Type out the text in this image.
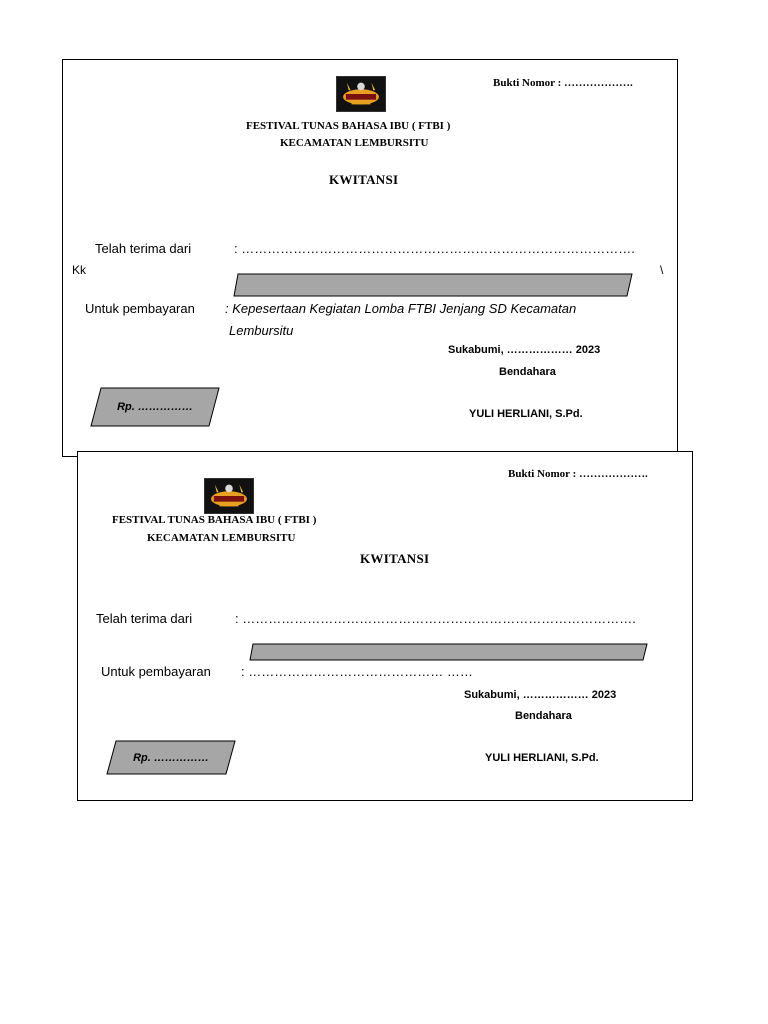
Bukti Nomor : ……………….
FESTIVAL TUNAS BAHASA IBU ( FTBI )
KECAMATAN LEMBURSITU
KWITANSI
Telah terima dari	: ……………………………………………………………………………….
Kk	\
Untuk pembayaran : Kepesertaan Kegiatan Lomba FTBI Jenjang SD Kecamatan
Lembursitu
Sukabumi, ……………… 2023
Bendahara
Rp. ……………
YULI HERLIANI, S.Pd.
Bukti Nomor : ……………….
FESTIVAL TUNAS BAHASA IBU ( FTBI )
KECAMATAN LEMBURSITU
KWITANSI
Telah terima dari	: ……………………………………………………………………………….
Untuk pembayaran : ……………………………………… ……
Sukabumi, ……………… 2023
Bendahara
Rp. ……………	YULI HERLIANI, S.Pd.
